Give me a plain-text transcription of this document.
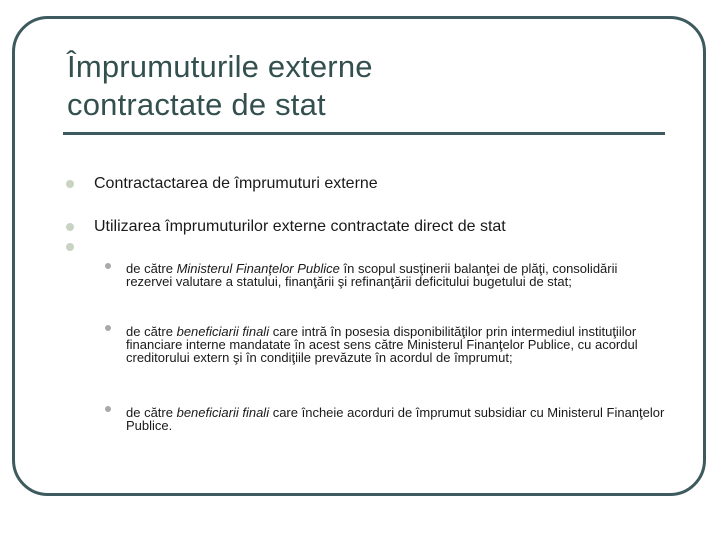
Împrumuturile externe
contractate de stat

Contractactarea de împrumuturi externe

Utilizarea împrumuturilor externe contractate direct de stat

de către Ministerul Finanţelor Publice în scopul susţinerii balanţei de plăţi, consolidării rezervei valutare a statului, finanţării şi refinanţării deficitului bugetului de stat;

de către beneficiarii finali care intră în posesia disponibilităţilor prin intermediul instituţiilor financiare interne mandatate în acest sens către Ministerul Finanţelor Publice, cu acordul creditorului extern şi în condiţiile prevăzute în acordul de împrumut;

de către beneficiarii finali care încheie acorduri de împrumut subsidiar cu Ministerul Finanţelor Publice.
